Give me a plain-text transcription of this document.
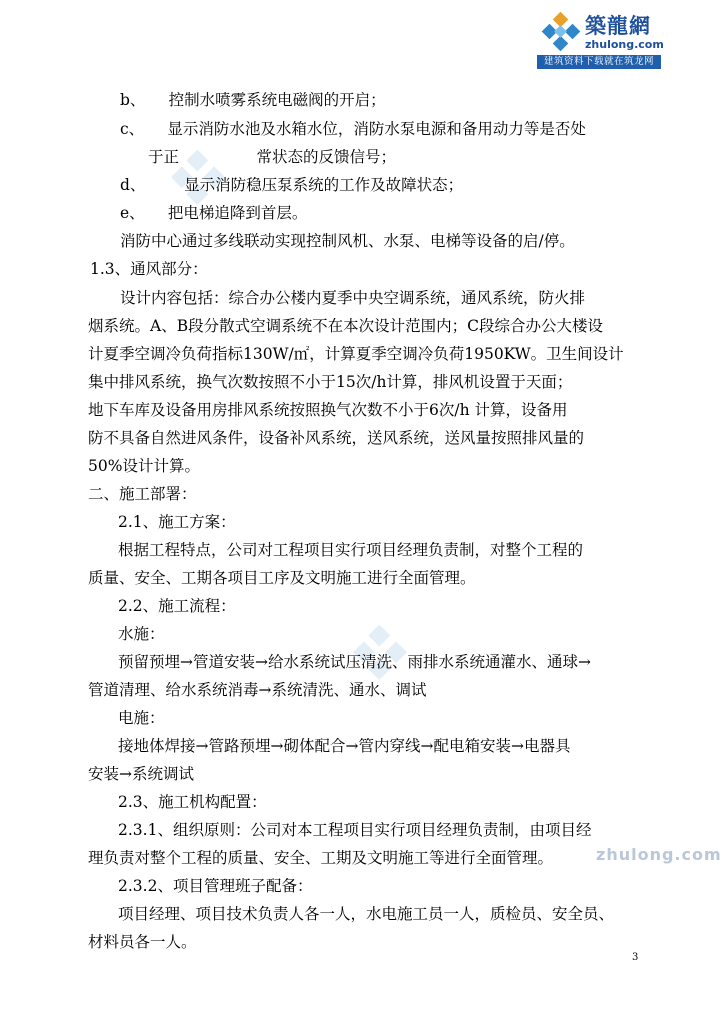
築龍網
zhulong.com
建筑资料下载就在筑龙网
zhulong.com
b、　　控制水喷雾系统电磁阀的开启；
c、　　显示消防水池及水箱水位，消防水泵电源和备用动力等是否处
于正　　　　　常状态的反馈信号；
d、　　　显示消防稳压泵系统的工作及故障状态；
e、　　把电梯追降到首层。
消防中心通过多线联动实现控制风机、水泵、电梯等设备的启/停。
1.3、通风部分：
设计内容包括：综合办公楼内夏季中央空调系统，通风系统，防火排
烟系统。A、B段分散式空调系统不在本次设计范围内；C段综合办公大楼设
计夏季空调冷负荷指标130W/㎡，计算夏季空调冷负荷1950KW。卫生间设计
集中排风系统，换气次数按照不小于15次/h计算，排风机设置于天面；
地下车库及设备用房排风系统按照换气次数不小于6次/h 计算，设备用
防不具备自然进风条件，设备补风系统，送风系统，送风量按照排风量的
50%设计计算。
二、施工部署：
2.1、施工方案：
根据工程特点，公司对工程项目实行项目经理负责制，对整个工程的
质量、安全、工期各项目工序及文明施工进行全面管理。
2.2、施工流程：
水施：
预留预埋→管道安装→给水系统试压清洗、雨排水系统通灌水、通球→
管道清理、给水系统消毒→系统清洗、通水、调试
电施：
接地体焊接→管路预埋→砌体配合→管内穿线→配电箱安装→电器具
安装→系统调试
2.3、施工机构配置：
2.3.1、组织原则：公司对本工程项目实行项目经理负责制，由项目经
理负责对整个工程的质量、安全、工期及文明施工等进行全面管理。
2.3.2、项目管理班子配备：
项目经理、项目技术负责人各一人，水电施工员一人，质检员、安全员、
材料员各一人。
3
